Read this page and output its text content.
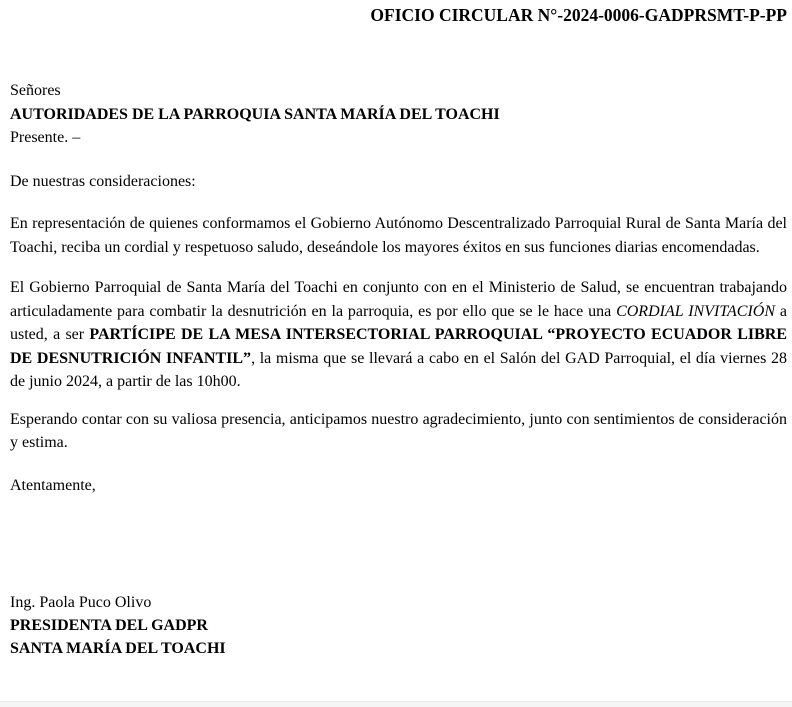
OFICIO CIRCULAR N°-2024-0006-GADPRSMT-P-PP
Señores
AUTORIDADES DE LA PARROQUIA SANTA MARÍA DEL TOACHI
Presente. –
De nuestras consideraciones:

En representación de quienes conformamos el Gobierno Autónomo Descentralizado Parroquial Rural de Santa María del Toachi, reciba un cordial y respetuoso saludo, deseándole los mayores éxitos en sus funciones diarias encomendadas.

El Gobierno Parroquial de Santa María del Toachi en conjunto con en el Ministerio de Salud, se encuentran trabajando articuladamente para combatir la desnutrición en la parroquia, es por ello que se le hace una CORDIAL INVITACIÓN a usted, a ser PARTÍCIPE DE LA MESA INTERSECTORIAL PARROQUIAL “PROYECTO ECUADOR LIBRE DE DESNUTRICIÓN INFANTIL”, la misma que se llevará a cabo en el Salón del GAD Parroquial, el día viernes 28 de junio 2024, a partir de las 10h00.

Esperando contar con su valiosa presencia, anticipamos nuestro agradecimiento, junto con sentimientos de consideración y estima.

Atentamente,
Ing. Paola Puco Olivo
PRESIDENTA DEL GADPR
SANTA MARÍA DEL TOACHI
